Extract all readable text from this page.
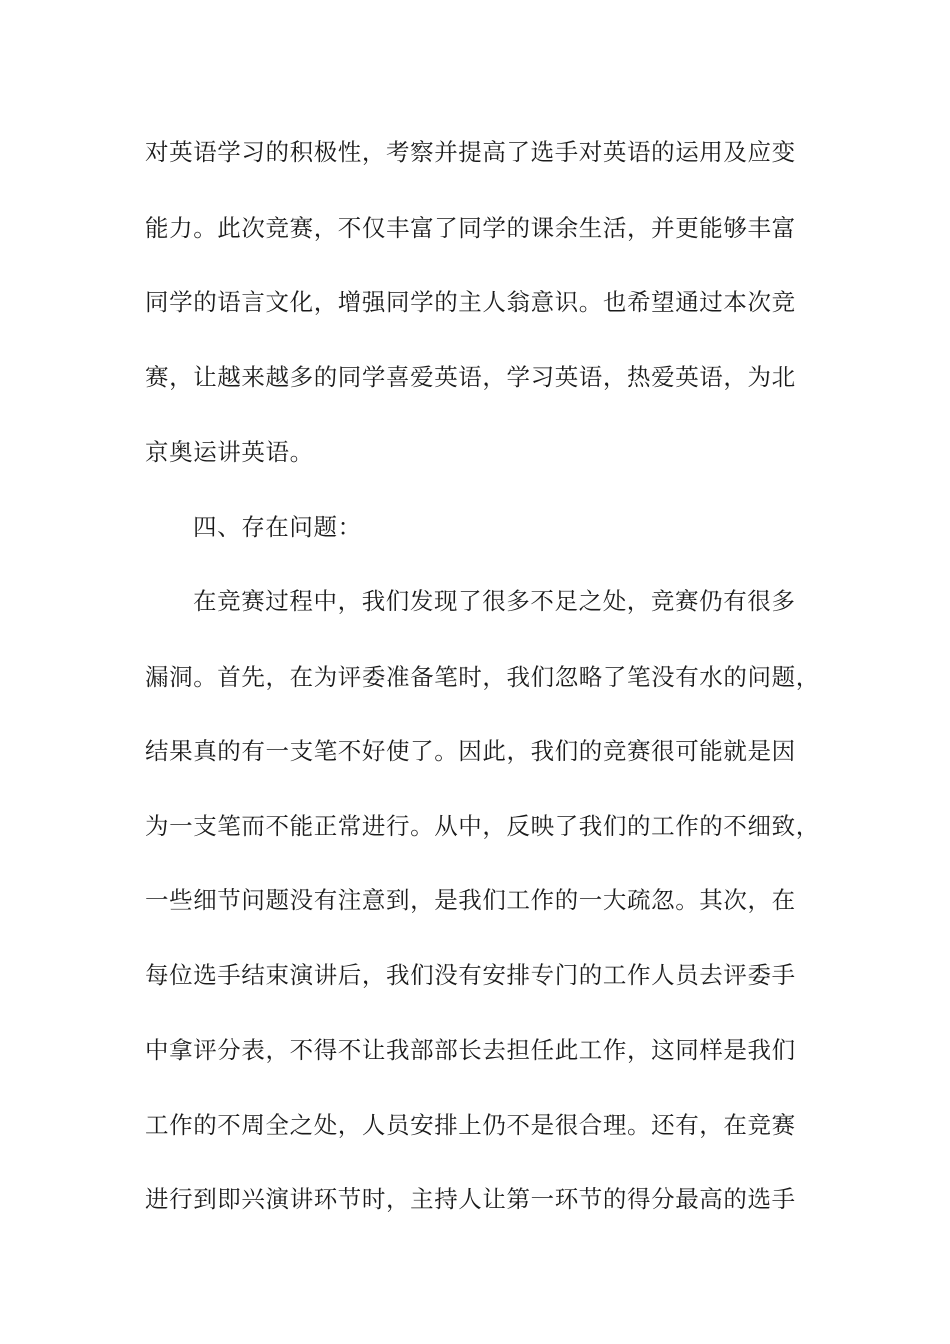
对英语学习的积极性，考察并提高了选手对英语的运用及应变
能力。此次竞赛，不仅丰富了同学的课余生活，并更能够丰富
同学的语言文化，增强同学的主人翁意识。也希望通过本次竞
赛，让越来越多的同学喜爱英语，学习英语，热爱英语，为北
京奥运讲英语。
四、存在问题：
在竞赛过程中，我们发现了很多不足之处，竞赛仍有很多
漏洞。首先，在为评委准备笔时，我们忽略了笔没有水的问题，
结果真的有一支笔不好使了。因此，我们的竞赛很可能就是因
为一支笔而不能正常进行。从中，反映了我们的工作的不细致，
一些细节问题没有注意到，是我们工作的一大疏忽。其次，在
每位选手结束演讲后，我们没有安排专门的工作人员去评委手
中拿评分表，不得不让我部部长去担任此工作，这同样是我们
工作的不周全之处，人员安排上仍不是很合理。还有，在竞赛
进行到即兴演讲环节时，主持人让第一环节的得分最高的选手
